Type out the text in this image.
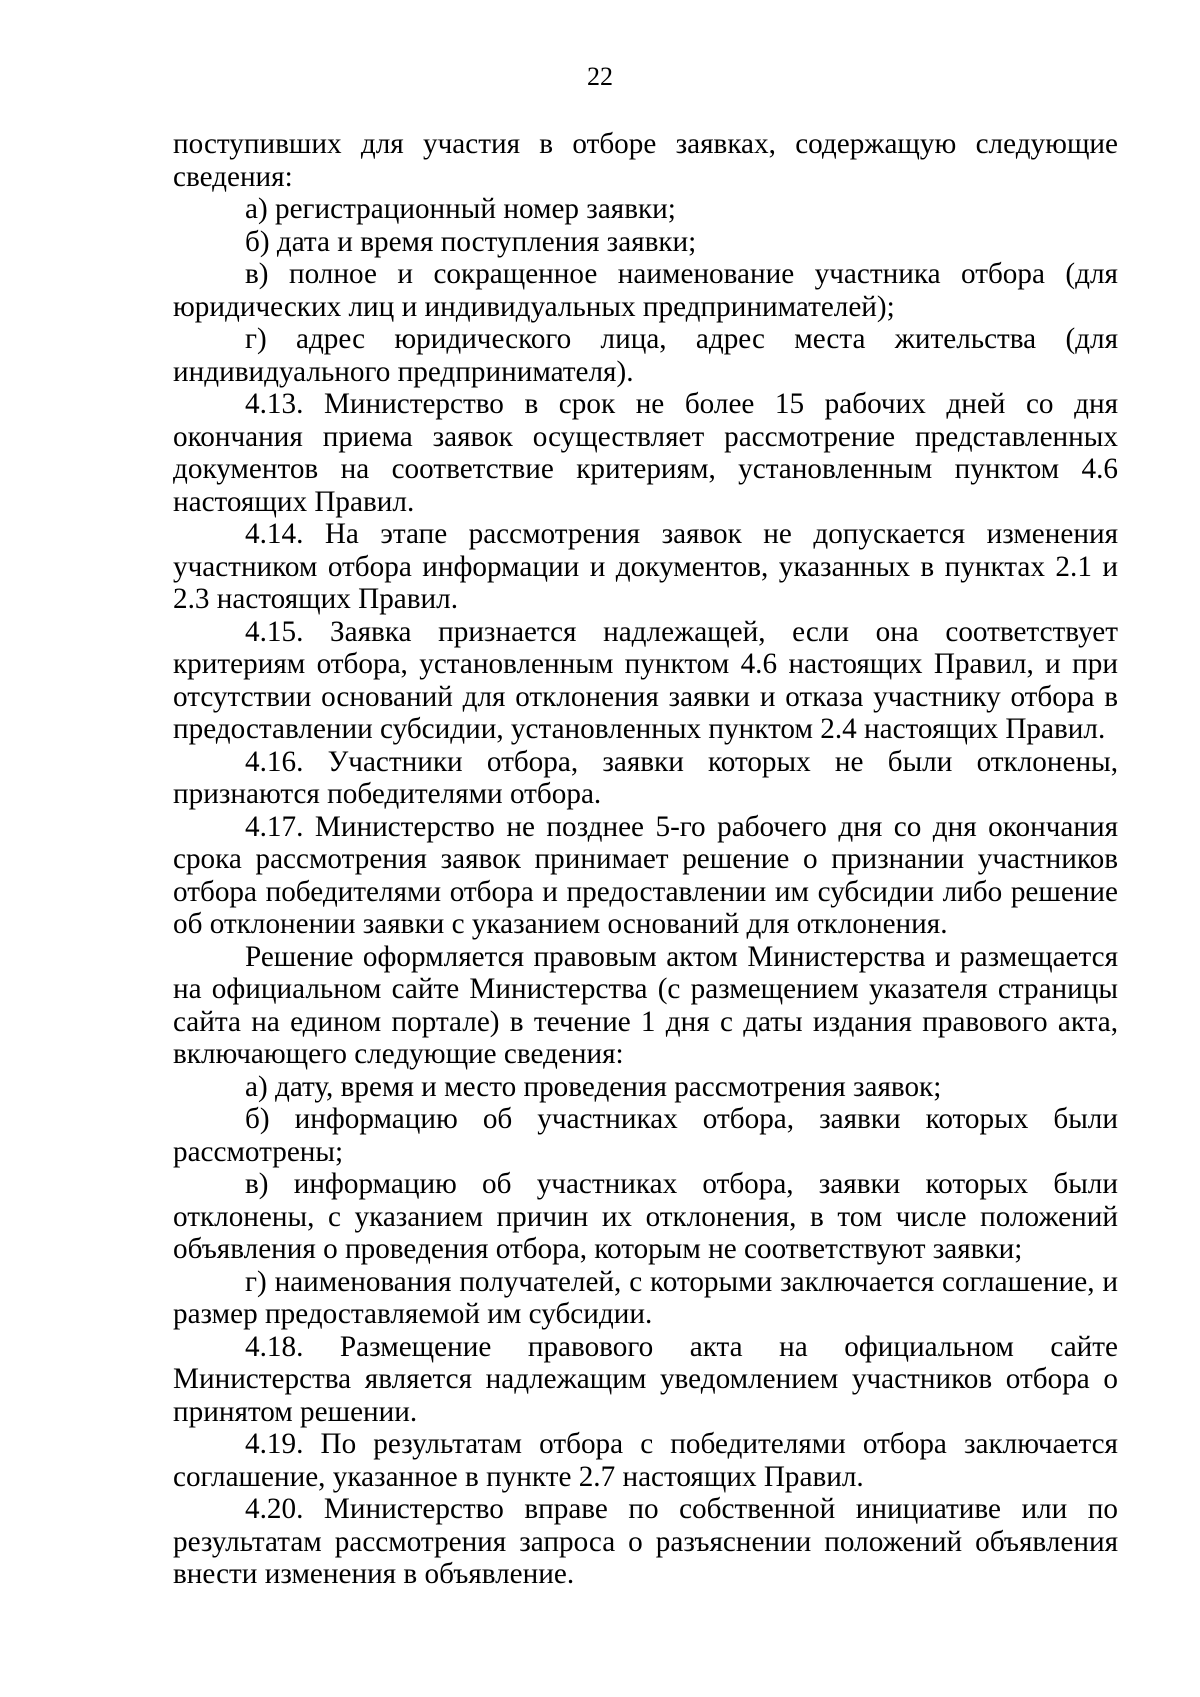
22

поступивших для участия в отборе заявках, содержащую следующие сведения:

а) регистрационный номер заявки;

б) дата и время поступления заявки;

в) полное и сокращенное наименование участника отбора (для юридических лиц и индивидуальных предпринимателей);

г) адрес юридического лица, адрес места жительства (для индивидуального предпринимателя).

4.13. Министерство в срок не более 15 рабочих дней со дня окончания приема заявок осуществляет рассмотрение представленных документов на соответствие критериям, установленным пунктом 4.6 настоящих Правил.

4.14. На этапе рассмотрения заявок не допускается изменения участником отбора информации и документов, указанных в пунктах 2.1 и 2.3 настоящих Правил.

4.15. Заявка признается надлежащей, если она соответствует критериям отбора, установленным пунктом 4.6 настоящих Правил, и при отсутствии оснований для отклонения заявки и отказа участнику отбора в предоставлении субсидии, установленных пунктом 2.4 настоящих Правил.

4.16. Участники отбора, заявки которых не были отклонены, признаются победителями отбора.

4.17. Министерство не позднее 5-го рабочего дня со дня окончания срока рассмотрения заявок принимает решение о признании участников отбора победителями отбора и предоставлении им субсидии либо решение об отклонении заявки с указанием оснований для отклонения.

Решение оформляется правовым актом Министерства и размещается на официальном сайте Министерства (с размещением указателя страницы сайта на едином портале) в течение 1 дня с даты издания правового акта, включающего следующие сведения:

а) дату, время и место проведения рассмотрения заявок;

б) информацию об участниках отбора, заявки которых были рассмотрены;

в) информацию об участниках отбора, заявки которых были отклонены, с указанием причин их отклонения, в том числе положений объявления о проведения отбора, которым не соответствуют заявки;

г) наименования получателей, с которыми заключается соглашение, и размер предоставляемой им субсидии.

4.18. Размещение правового акта на официальном сайте Министерства является надлежащим уведомлением участников отбора о принятом решении.

4.19. По результатам отбора с победителями отбора заключается соглашение, указанное в пункте 2.7 настоящих Правил.

4.20. Министерство вправе по собственной инициативе или по результатам рассмотрения запроса о разъяснении положений объявления внести изменения в объявление.
